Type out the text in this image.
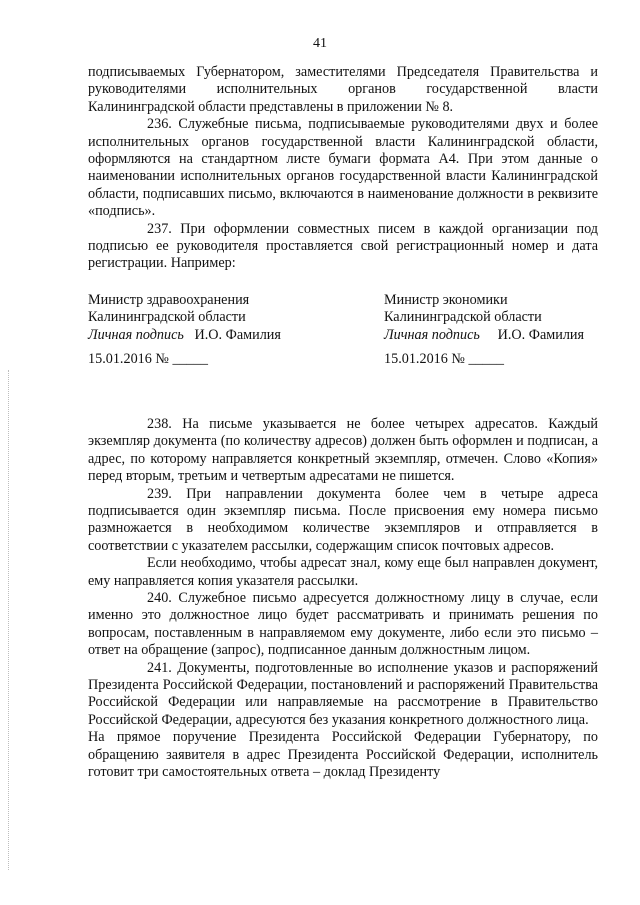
41

подписываемых Губернатором, заместителями Председателя Правительства и руководителями исполнительных органов государственной власти Калининградской области представлены в приложении № 8.

236. Служебные письма, подписываемые руководителями двух и более исполнительных органов государственной власти Калининградской области, оформляются на стандартном листе бумаги формата А4. При этом данные о наименовании исполнительных органов государственной власти Калининградской области, подписавших письмо, включаются в наименование должности в реквизите «подпись».

237. При оформлении совместных писем в каждой организации под подписью ее руководителя проставляется свой регистрационный номер и дата регистрации. Например:

Министр здравоохранения
Калининградской области
Личная подпись И.О. Фамилия
15.01.2016 № _____
Министр экономики
Калининградской области
Личная подпись И.О. Фамилия
15.01.2016 № _____

238. На письме указывается не более четырех адресатов. Каждый экземпляр документа (по количеству адресов) должен быть оформлен и подписан, а адрес, по которому направляется конкретный экземпляр, отмечен. Слово «Копия» перед вторым, третьим и четвертым адресатами не пишется.

239. При направлении документа более чем в четыре адреса подписывается один экземпляр письма. После присвоения ему номера письмо размножается в необходимом количестве экземпляров и отправляется в соответствии с указателем рассылки, содержащим список почтовых адресов.

Если необходимо, чтобы адресат знал, кому еще был направлен документ, ему направляется копия указателя рассылки.

240. Служебное письмо адресуется должностному лицу в случае, если именно это должностное лицо будет рассматривать и принимать решения по вопросам, поставленным в направляемом ему документе, либо если это письмо – ответ на обращение (запрос), подписанное данным должностным лицом.

241. Документы, подготовленные во исполнение указов и распоряжений Президента Российской Федерации, постановлений и распоряжений Правительства Российской Федерации или направляемые на рассмотрение в Правительство Российской Федерации, адресуются без указания конкретного должностного лица.

На прямое поручение Президента Российской Федерации Губернатору, по обращению заявителя в адрес Президента Российской Федерации, исполнитель готовит три самостоятельных ответа – доклад Президенту
